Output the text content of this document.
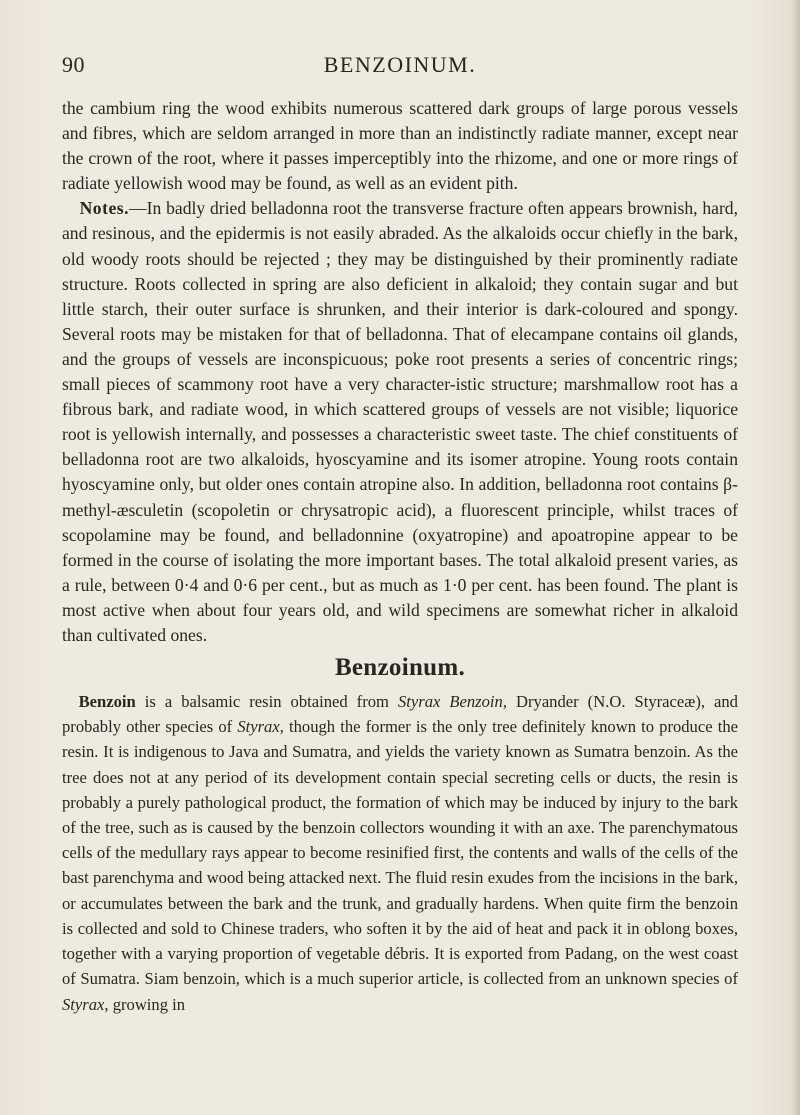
90	BENZOINUM.

the cambium ring the wood exhibits numerous scattered dark groups of large porous vessels and fibres, which are seldom arranged in more than an indistinctly radiate manner, except near the crown of the root, where it passes imperceptibly into the rhizome, and one or more rings of radiate yellowish wood may be found, as well as an evident pith.

 Notes.—In badly dried belladonna root the transverse fracture often appears brownish, hard, and resinous, and the epidermis is not easily abraded. As the alkaloids occur chiefly in the bark, old woody roots should be rejected ; they may be distinguished by their prominently radiate structure. Roots collected in spring are also deficient in alkaloid; they contain sugar and but little starch, their outer surface is shrunken, and their interior is dark-coloured and spongy. Several roots may be mistaken for that of belladonna. That of elecampane contains oil glands, and the groups of vessels are inconspicuous; poke root presents a series of concentric rings; small pieces of scammony root have a very character-istic structure; marshmallow root has a fibrous bark, and radiate wood, in which scattered groups of vessels are not visible; liquorice root is yellowish internally, and possesses a characteristic sweet taste. The chief constituents of belladonna root are two alkaloids, hyoscyamine and its isomer atropine. Young roots contain hyoscyamine only, but older ones contain atropine also. In addition, belladonna root contains β-methyl-æsculetin (scopoletin or chrysatropic acid), a fluorescent principle, whilst traces of scopolamine may be found, and belladonnine (oxyatropine) and apoatropine appear to be formed in the course of isolating the more important bases. The total alkaloid present varies, as a rule, between 0·4 and 0·6 per cent., but as much as 1·0 per cent. has been found. The plant is most active when about four years old, and wild specimens are somewhat richer in alkaloid than cultivated ones.

Benzoinum.

 Benzoin is a balsamic resin obtained from Styrax Benzoin, Dryander (N.O. Styraceæ), and probably other species of Styrax, though the former is the only tree definitely known to produce the resin. It is indigenous to Java and Sumatra, and yields the variety known as Sumatra benzoin. As the tree does not at any period of its development contain special secreting cells or ducts, the resin is probably a purely pathological product, the formation of which may be induced by injury to the bark of the tree, such as is caused by the benzoin collectors wounding it with an axe. The parenchymatous cells of the medullary rays appear to become resinified first, the contents and walls of the cells of the bast parenchyma and wood being attacked next. The fluid resin exudes from the incisions in the bark, or accumulates between the bark and the trunk, and gradually hardens. When quite firm the benzoin is collected and sold to Chinese traders, who soften it by the aid of heat and pack it in oblong boxes, together with a varying proportion of vegetable débris. It is exported from Padang, on the west coast of Sumatra. Siam benzoin, which is a much superior article, is collected from an unknown species of Styrax, growing in
